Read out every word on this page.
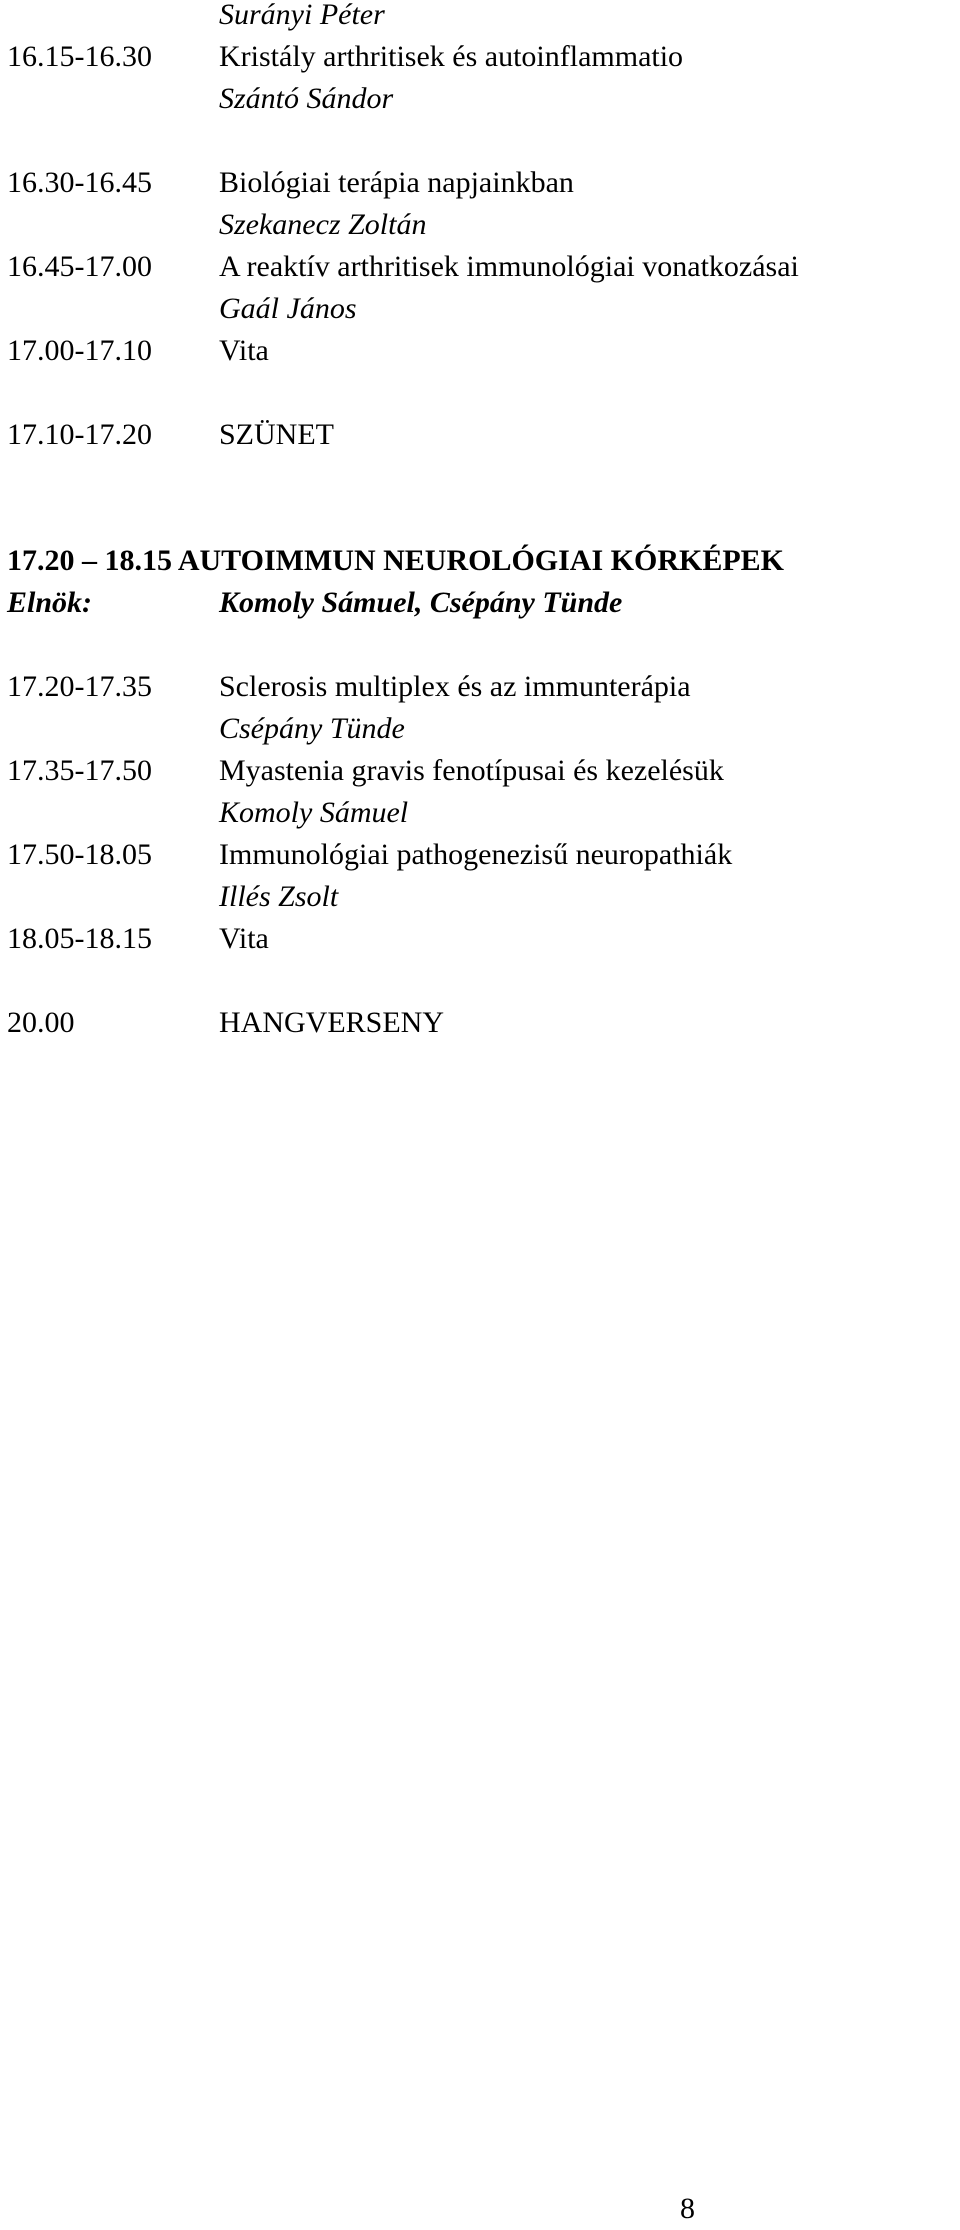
Surányi Péter
16.15-16.30 Kristály arthritisek és autoinflammatio
Szántó Sándor
16.30-16.45 Biológiai terápia napjainkban
Szekanecz Zoltán
16.45-17.00 A reaktív arthritisek immunológiai vonatkozásai
Gaál János
17.00-17.10 Vita
17.10-17.20 SZÜNET
17.20 – 18.15 AUTOIMMUN NEUROLÓGIAI KÓRKÉPEK
Elnök:	Komoly Sámuel, Csépány Tünde
17.20-17.35 Sclerosis multiplex és az immunterápia
Csépány Tünde
17.35-17.50 Myastenia gravis fenotípusai és kezelésük
Komoly Sámuel
17.50-18.05 Immunológiai pathogenezisű neuropathiák
Illés Zsolt
18.05-18.15 Vita
20.00	HANGVERSENY
8
